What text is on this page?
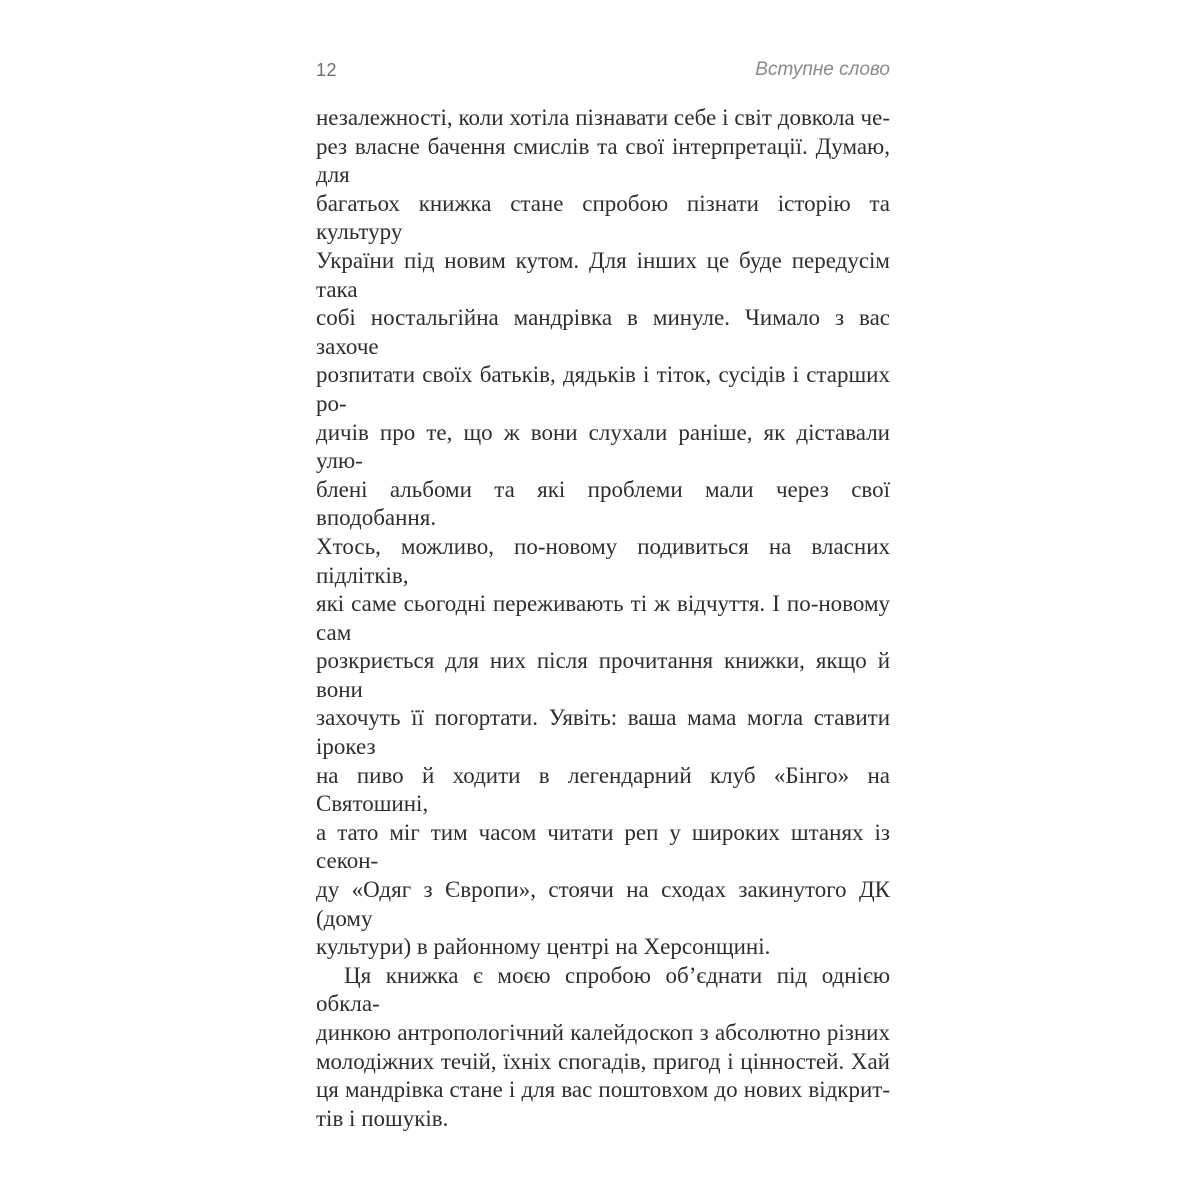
12	Вступне слово
незалежності, коли хотіла пізнавати себе і світ довкола че-
рез власне бачення смислів та свої інтерпретації. Думаю, для
багатьох книжка стане спробою пізнати історію та культуру
України під новим кутом. Для інших це буде передусім така
собі ностальгійна мандрівка в минуле. Чимало з вас захоче
розпитати своїх батьків, дядьків і тіток, сусідів і старших ро-
дичів про те, що ж вони слухали раніше, як діставали улю-
блені альбоми та які проблеми мали через свої вподобання.
Хтось, можливо, по-новому подивиться на власних підлітків,
які саме сьогодні переживають ті ж відчуття. І по-новому сам
розкриється для них після прочитання книжки, якщо й вони
захочуть її погортати. Уявіть: ваша мама могла ставити ірокез
на пиво й ходити в легендарний клуб «Бінго» на Святошині,
а тато міг тим часом читати реп у широких штанях із секон-
ду «Одяг з Європи», стоячи на сходах закинутого ДК (дому
культури) в районному центрі на Херсонщині.
Ця книжка є моєю спробою об’єднати під однією обкла-
динкою антропологічний калейдоскоп з абсолютно різних
молодіжних течій, їхніх спогадів, пригод і цінностей. Хай
ця мандрівка стане і для вас поштовхом до нових відкрит-
тів і пошуків.
